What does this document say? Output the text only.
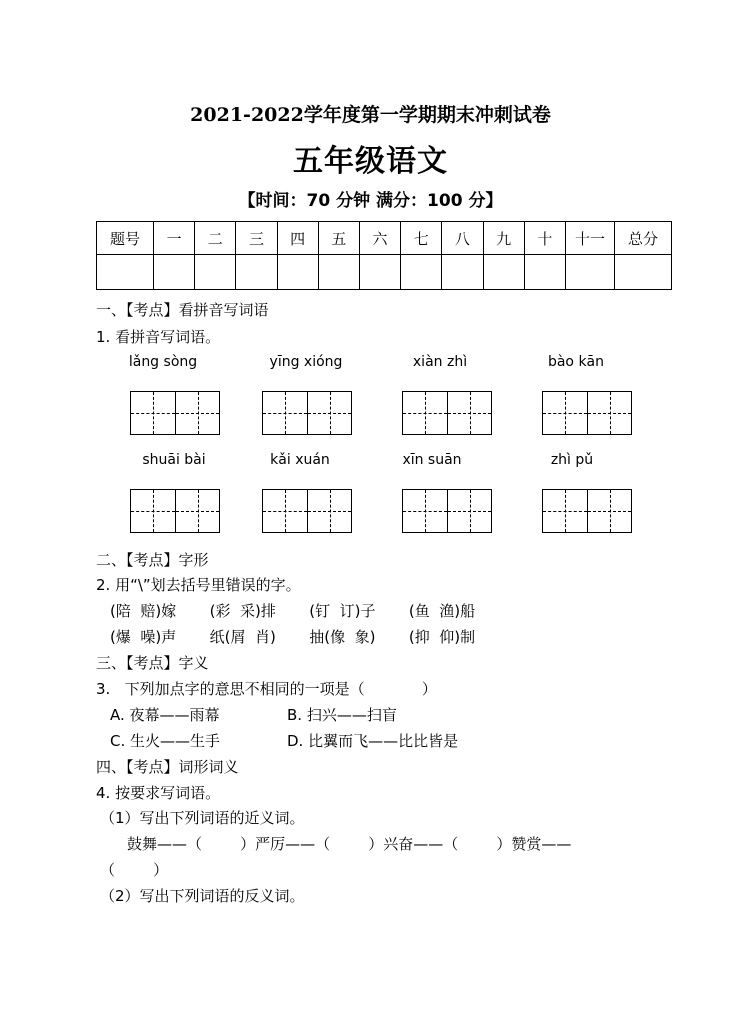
2021-2022学年度第一学期期末冲刺试卷
五年级语文
【时间：70 分钟 满分：100 分】
题号	一	二	三	四	五	六	七	八	九	十	十一	总分

一、【考点】看拼音写词语
1. 看拼音写词语。
lǎng sòng	yīng xióng	xiàn zhì	bào kān
shuāi bài	kǎi xuán	xīn suān	zhì pǔ
二、【考点】字形
2. 用“\”划去括号里错误的字。
(陪  赔)嫁       (彩  采)排       (钉  订)子       (鱼  渔)船
(爆  噪)声       纸(屑  肖)       抽(像  象)       (抑  仰)制
三、【考点】字义
3.   下列加点字的意思不相同的一项是（            ）
A. 夜幕——雨幕	B. 扫兴——扫盲
C. 生火——生手	D. 比翼而飞——比比皆是
四、【考点】词形词义
4. 按要求写词语。
（1）写出下列词语的近义词。
鼓舞——（        ）严厉——（        ）兴奋——（        ）赞赏——
（        ）
（2）写出下列词语的反义词。
